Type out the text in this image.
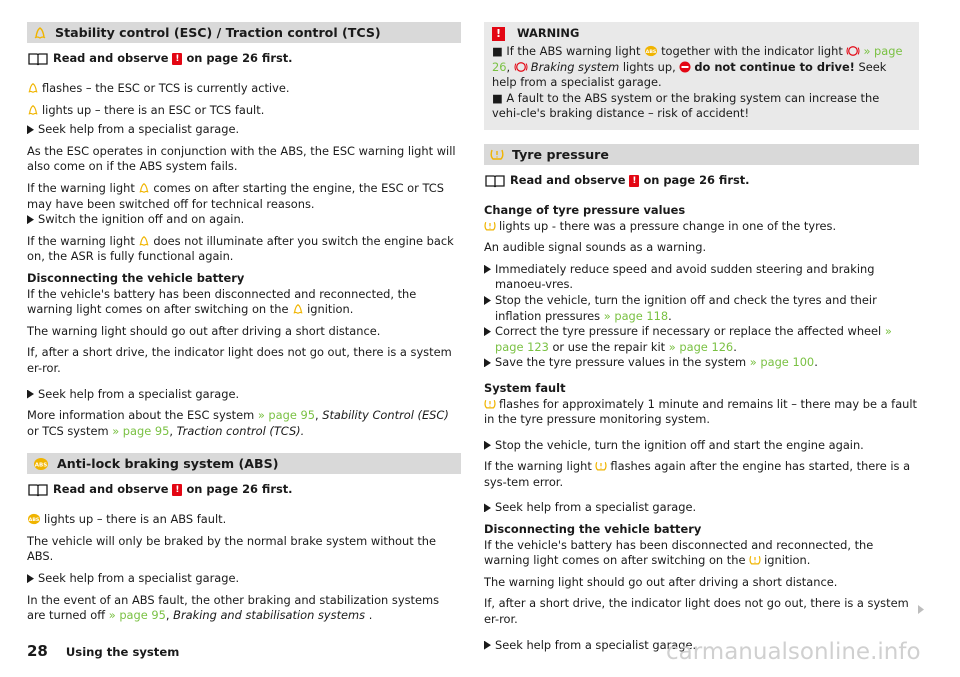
Stability control (ESC) / Traction control (TCS)
Read and observe ! on page 26 first.
flashes – the ESC or TCS is currently active.
lights up – there is an ESC or TCS fault.
Seek help from a specialist garage.
As the ESC operates in conjunction with the ABS, the ESC warning light will also come on if the ABS system fails.
If the warning light comes on after starting the engine, the ESC or TCS may have been switched off for technical reasons.
Switch the ignition off and on again.
If the warning light does not illuminate after you switch the engine back on, the ASR is fully functional again.
Disconnecting the vehicle battery
If the vehicle's battery has been disconnected and reconnected, the warning light comes on after switching on the ignition.
The warning light should go out after driving a short distance.
If, after a short drive, the indicator light does not go out, there is a system er-ror.
Seek help from a specialist garage.
More information about the ESC system » page 95, Stability Control (ESC) or TCS system » page 95, Traction control (TCS).
ABS Anti-lock braking system (ABS)
Read and observe ! on page 26 first.
ABS lights up – there is an ABS fault.
The vehicle will only be braked by the normal brake system without the ABS.
Seek help from a specialist garage.
In the event of an ABS fault, the other braking and stabilization systems are turned off » page 95, Braking and stabilisation systems .
!	WARNING
■ If the ABS warning light ABS together with the indicator light » page 26, Braking system lights up, do not continue to drive! Seek help from a specialist garage.
■ A fault to the ABS system or the braking system can increase the vehi-cle's braking distance – risk of accident!
Tyre pressure
Read and observe ! on page 26 first.
Change of tyre pressure values
lights up - there was a pressure change in one of the tyres.
An audible signal sounds as a warning.
Immediately reduce speed and avoid sudden steering and braking manoeu-vres.
Stop the vehicle, turn the ignition off and check the tyres and their inflation pressures » page 118.
Correct the tyre pressure if necessary or replace the affected wheel » page 123 or use the repair kit » page 126.
Save the tyre pressure values in the system » page 100.
System fault
flashes for approximately 1 minute and remains lit – there may be a fault in the tyre pressure monitoring system.
Stop the vehicle, turn the ignition off and start the engine again.
If the warning light flashes again after the engine has started, there is a sys-tem error.
Seek help from a specialist garage.
Disconnecting the vehicle battery
If the vehicle's battery has been disconnected and reconnected, the warning light comes on after switching on the ignition.
The warning light should go out after driving a short distance.
If, after a short drive, the indicator light does not go out, there is a system er-ror.
Seek help from a specialist garage.
28 Using the system	carmanualsonline.info
